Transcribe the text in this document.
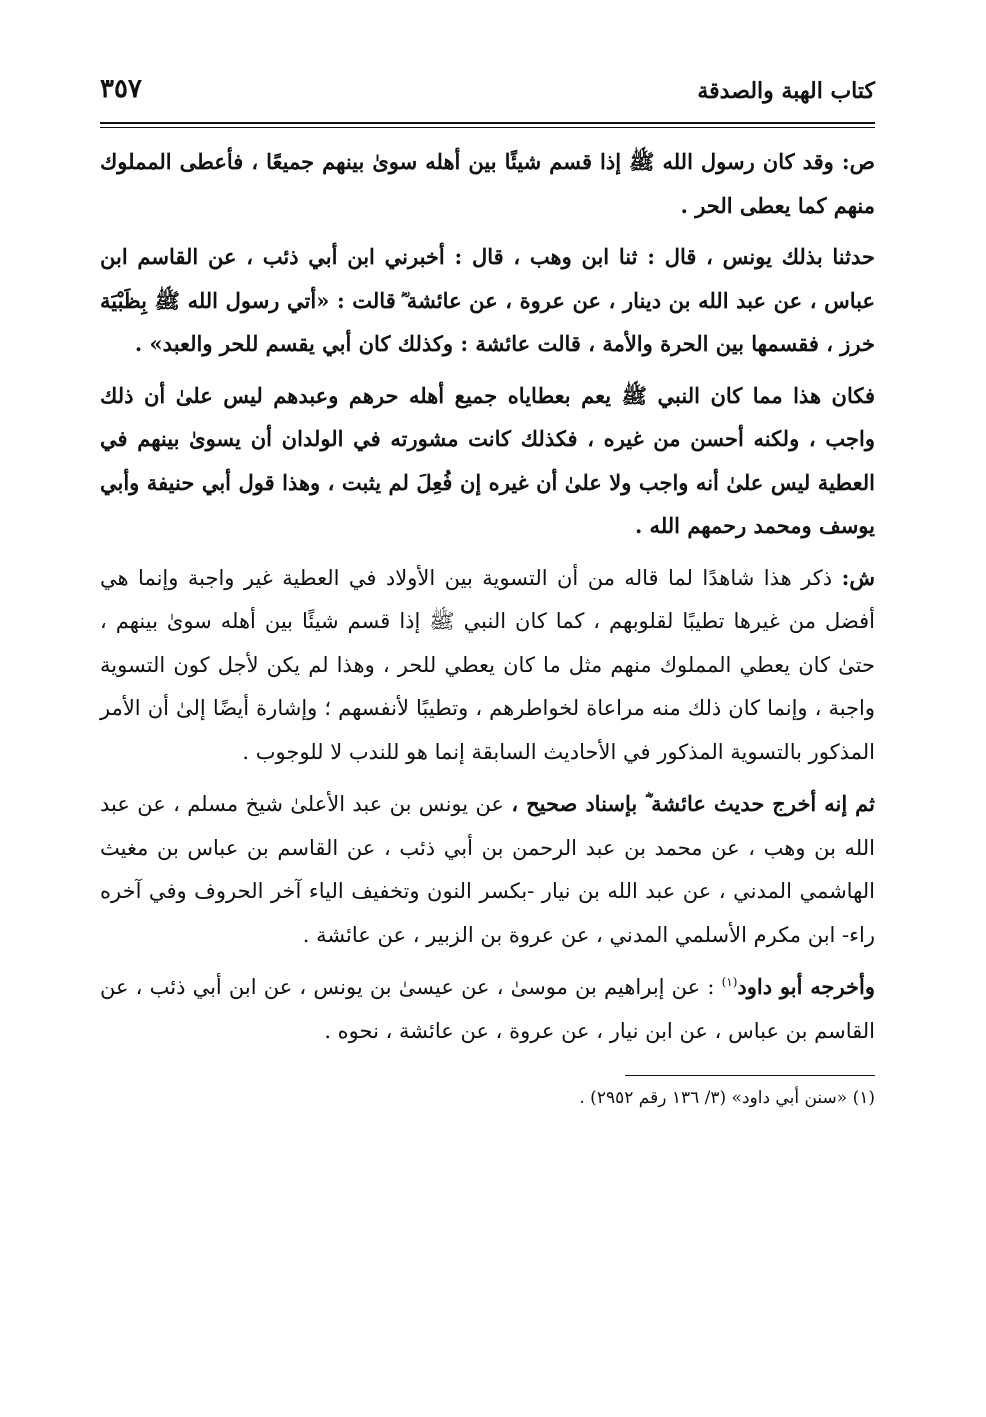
كتاب الهبة والصدقة
٣٥٧

ص: وقد كان رسول الله ﷺ إذا قسم شيئًا بين أهله سوىٰ بينهم جميعًا ، فأعطى المملوك منهم كما يعطى الحر .

حدثنا بذلك يونس ، قال : ثنا ابن وهب ، قال : أخبرني ابن أبي ذئب ، عن القاسم ابن عباس ، عن عبد الله بن دينار ، عن عروة ، عن عائشة ؓ قالت : «أتي رسول الله ﷺ بِظَبْيَة خرز ، فقسمها بين الحرة والأمة ، قالت عائشة : وكذلك كان أبي يقسم للحر والعبد» .

فكان هذا مما كان النبي ﷺ يعم بعطاياه جميع أهله حرهم وعبدهم ليس علىٰ أن ذلك واجب ، ولكنه أحسن من غيره ، فكذلك كانت مشورته في الولدان أن يسوىٰ بينهم في العطية ليس علىٰ أنه واجب ولا علىٰ أن غيره إن فُعِلَ لم يثبت ، وهذا قول أبي حنيفة وأبي يوسف ومحمد رحمهم الله .

ش: ذكر هذا شاهدًا لما قاله من أن التسوية بين الأولاد في العطية غير واجبة وإنما هي أفضل من غيرها تطيبًا لقلوبهم ، كما كان النبي ﷺ إذا قسم شيئًا بين أهله سوىٰ بينهم ، حتىٰ كان يعطي المملوك منهم مثل ما كان يعطي للحر ، وهذا لم يكن لأجل كون التسوية واجبة ، وإنما كان ذلك منه مراعاة لخواطرهم ، وتطيبًا لأنفسهم ؛ وإشارة أيضًا إلىٰ أن الأمر المذكور بالتسوية المذكور في الأحاديث السابقة إنما هو للندب لا للوجوب .

ثم إنه أخرج حديث عائشة ؓ بإسناد صحيح ، عن يونس بن عبد الأعلىٰ شيخ مسلم ، عن عبد الله بن وهب ، عن محمد بن عبد الرحمن بن أبي ذئب ، عن القاسم بن عباس بن مغيث الهاشمي المدني ، عن عبد الله بن نيار -بكسر النون وتخفيف الياء آخر الحروف وفي آخره راء- ابن مكرم الأسلمي المدني ، عن عروة بن الزبير ، عن عائشة .

وأخرجه أبو داود$^{(١)}$ : عن إبراهيم بن موسىٰ ، عن عيسىٰ بن يونس ، عن ابن أبي ذئب ، عن القاسم بن عباس ، عن ابن نيار ، عن عروة ، عن عائشة ، نحوه .

(١) «سنن أبي داود» (٣/ ١٣٦ رقم ٢٩٥٢) .
